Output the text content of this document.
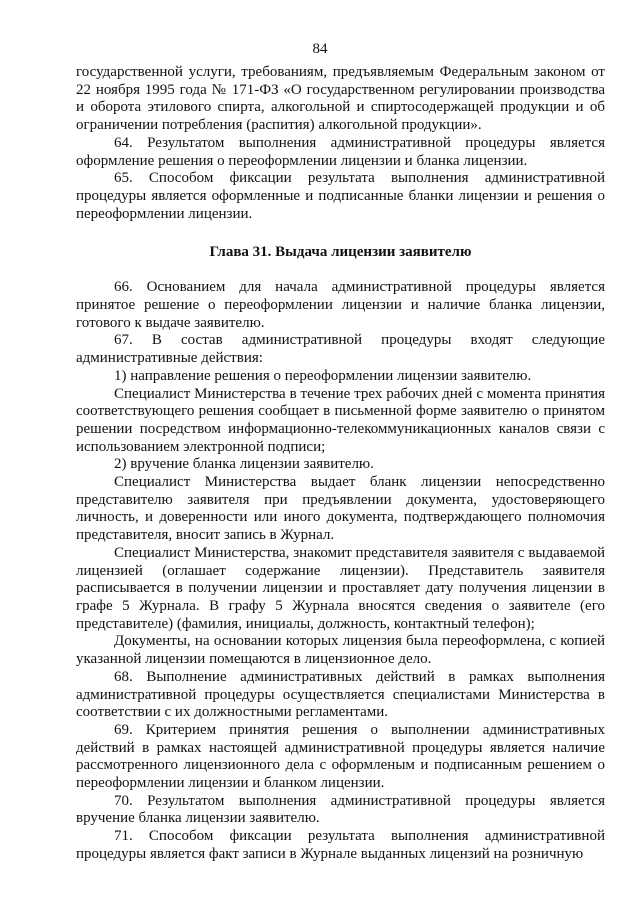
84

государственной услуги, требованиям, предъявляемым Федеральным законом от 22 ноября 1995 года № 171-ФЗ «О государственном регулировании производства и оборота этилового спирта, алкогольной и спиртосодержащей продукции и об ограничении потребления (распития) алкогольной продукции».

64. Результатом выполнения административной процедуры является оформление решения о переоформлении лицензии и бланка лицензии.

65. Способом фиксации результата выполнения административной процедуры является оформленные и подписанные бланки лицензии и решения о переоформлении лицензии.

Глава 31. Выдача лицензии заявителю

66. Основанием для начала административной процедуры является принятое решение о переоформлении лицензии и наличие бланка лицензии, готового к выдаче заявителю.

67. В состав административной процедуры входят следующие административные действия:

1) направление решения о переоформлении лицензии заявителю.

Специалист Министерства в течение трех рабочих дней с момента принятия соответствующего решения сообщает в письменной форме заявителю о принятом решении посредством информационно-телекоммуникационных каналов связи с использованием электронной подписи;

2) вручение бланка лицензии заявителю.

Специалист Министерства выдает бланк лицензии непосредственно представителю заявителя при предъявлении документа, удостоверяющего личность, и доверенности или иного документа, подтверждающего полномочия представителя, вносит запись в Журнал.

Специалист Министерства, знакомит представителя заявителя с выдаваемой лицензией (оглашает содержание лицензии). Представитель заявителя расписывается в получении лицензии и проставляет дату получения лицензии в графе 5 Журнала. В графу 5 Журнала вносятся сведения о заявителе (его представителе) (фамилия, инициалы, должность, контактный телефон);

Документы, на основании которых лицензия была переоформлена, с копией указанной лицензии помещаются в лицензионное дело.

68. Выполнение административных действий в рамках выполнения административной процедуры осуществляется специалистами Министерства в соответствии с их должностными регламентами.

69. Критерием принятия решения о выполнении административных действий в рамках настоящей административной процедуры является наличие рассмотренного лицензионного дела с оформленым и подписанным решением о переоформлении лицензии и бланком лицензии.

70. Результатом выполнения административной процедуры является вручение бланка лицензии заявителю.

71. Способом фиксации результата выполнения административной процедуры является факт записи в Журнале выданных лицензий на розничную
